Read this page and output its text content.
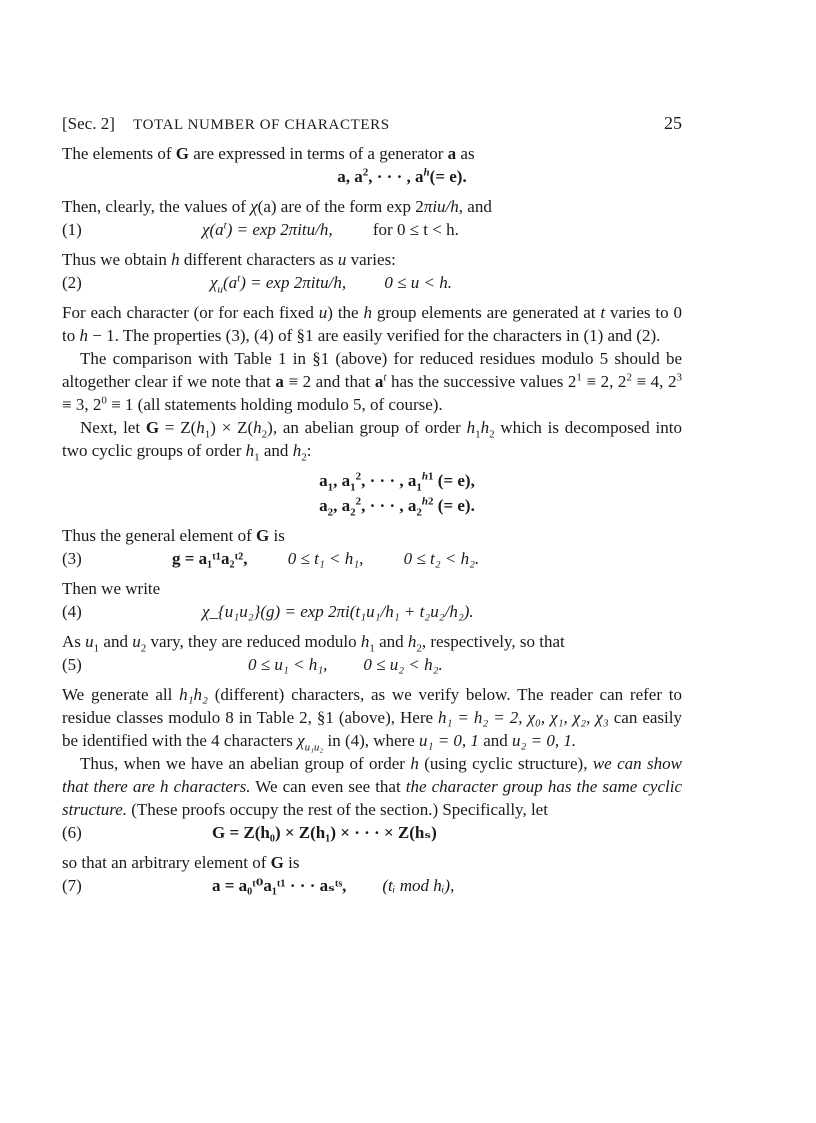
[Sec. 2] TOTAL NUMBER OF CHARACTERS	25

The elements of G are expressed in terms of a generator a as

a, $a^2$, · · · , $a^h(= e)$.

Then, clearly, the values of χ(a) are of the form exp 2πiu/h, and

(1)	$\chi(a^t) = \exp 2\pi itu/h$, for 0 ≤ t < h.

Thus we obtain h different characters as u varies:

(2)	$\chi_u(a^t) = \exp 2\pi itu/h$, 0 ≤ u < h.

For each character (or for each fixed u) the h group elements are generated at t varies to 0 to h − 1. The properties (3), (4) of §1 are easily verified for the characters in (1) and (2).

The comparison with Table 1 in §1 (above) for reduced residues modulo 5 should be altogether clear if we note that a ≡ 2 and that $a^t$ has the successive values $2^1 \equiv 2$, $2^2 \equiv 4$, $2^3 \equiv 3$, $2^0 \equiv 1$ (all statements holding modulo 5, of course).

Next, let $G = Z(h_1) \times Z(h_2)$, an abelian group of order $h_1h_2$ which is decomposed into two cyclic groups of order $h_1$ and $h_2$:

$a_1$, $a_1^2$, · · · , $a_1^{h1}$ (= e),
$a_2$, $a_2^2$, · · · , $a_2^{h2}$ (= e).

Thus the general element of G is

(3)	g = a₁ᵗ¹a₂ᵗ², 0 ≤ t₁ < h₁, 0 ≤ t₂ < h₂.

Then we write

(4)	χ_{u₁u₂}(g) = exp 2πi(t₁u₁/h₁ + t₂u₂/h₂).

As $u_1$ and $u_2$ vary, they are reduced modulo $h_1$ and $h_2$, respectively, so that

(5)	0 ≤ u₁ < h₁, 0 ≤ u₂ < h₂.

We generate all h₁h₂ (different) characters, as we verify below. The reader can refer to residue classes modulo 8 in Table 2, §1 (above), Here h₁ = h₂ = 2, χ₀, χ₁, χ₂, χ₃ can easily be identified with the 4 characters $\chi_{u_1u_2}$ in (4), where u₁ = 0, 1 and u₂ = 0, 1.

Thus, when we have an abelian group of order h (using cyclic structure), we can show that there are h characters. We can even see that the character group has the same cyclic structure. (These proofs occupy the rest of the section.) Specifically, let

(6)	G = Z(h₀) × Z(h₁) × · · · × Z(hₛ)

so that an arbitrary element of G is

(7)	a = a₀ᵗ⁰a₁ᵗ¹ · · · aₛᵗˢ, (tᵢ mod hᵢ),
